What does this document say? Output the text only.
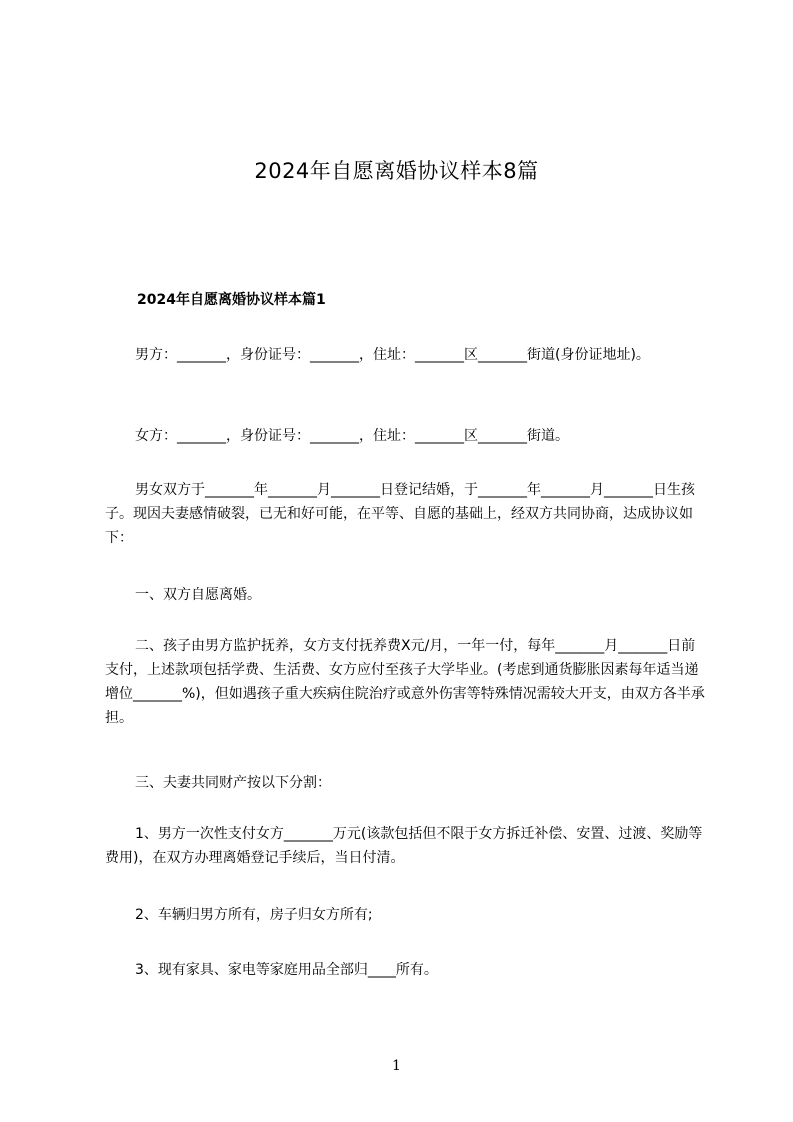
2024年自愿离婚协议样本8篇
2024年自愿离婚协议样本篇1

男方：_______，身份证号：_______，住址：_______区_______街道(身份证地址)。

女方：_______，身份证号：_______，住址：_______区_______街道。

男女双方于_______年_______月_______日登记结婚，于_______年_______月_______日生孩子。现因夫妻感情破裂，已无和好可能，在平等、自愿的基础上，经双方共同协商，达成协议如下：

一、双方自愿离婚。

二、孩子由男方监护抚养，女方支付抚养费X元/月，一年一付，每年_______月_______日前支付，上述款项包括学费、生活费、女方应付至孩子大学毕业。(考虑到通货膨胀因素每年适当递增位_______%)，但如遇孩子重大疾病住院治疗或意外伤害等特殊情况需较大开支，由双方各半承担。

三、夫妻共同财产按以下分割：

1、男方一次性支付女方_______万元(该款包括但不限于女方拆迁补偿、安置、过渡、奖励等费用)，在双方办理离婚登记手续后，当日付清。

2、车辆归男方所有，房子归女方所有;

3、现有家具、家电等家庭用品全部归____所有。

1
